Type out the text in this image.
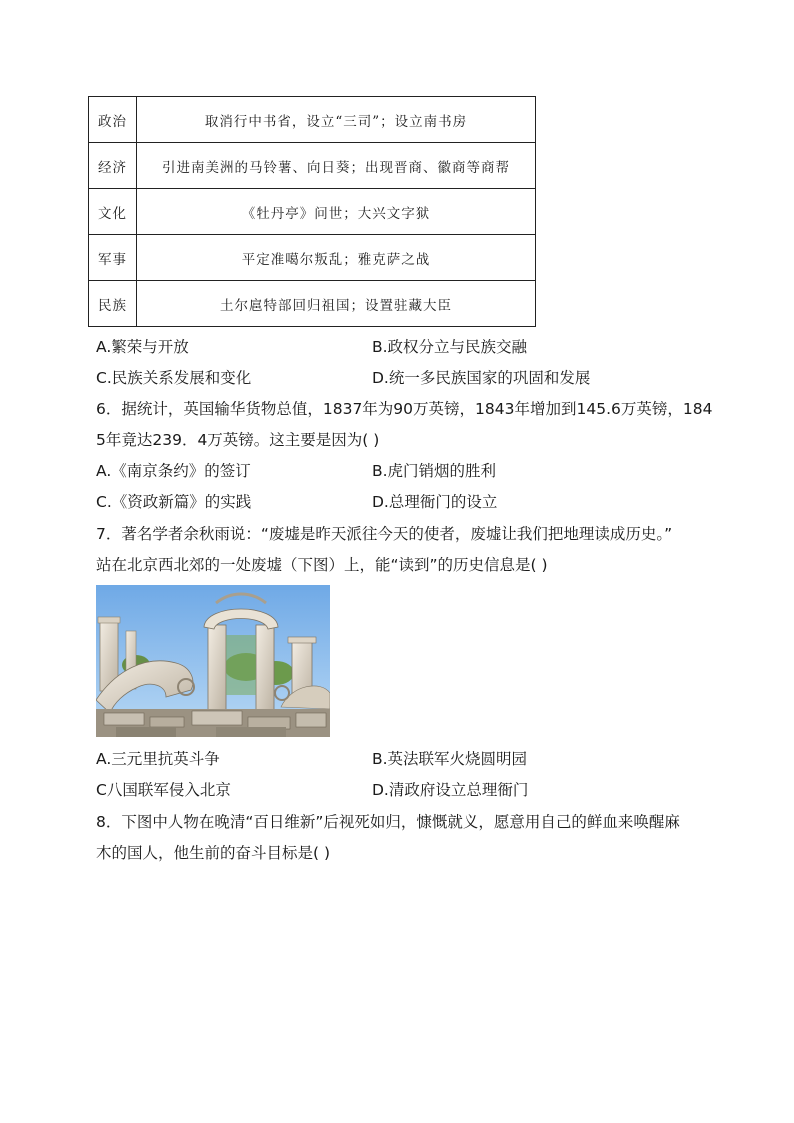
政治	取消行中书省，设立“三司”；设立南书房
经济	引进南美洲的马铃薯、向日葵；出现晋商、徽商等商帮
文化	《牡丹亭》问世；大兴文字狱
军事	平定准噶尔叛乱；雅克萨之战
民族	土尔扈特部回归祖国；设置驻藏大臣
A.繁荣与开放	B.政权分立与民族交融
C.民族关系发展和变化	D.统一多民族国家的巩固和发展
6．据统计，英国输华货物总值，1837年为90万英镑，1843年增加到145.6万英镑，184
5年竟达239．4万英镑。这主要是因为( )
A.《南京条约》的签订	B.虎门销烟的胜利
C.《资政新篇》的实践	D.总理衙门的设立
7．著名学者余秋雨说：“废墟是昨天派往今天的使者，废墟让我们把地理读成历史。”
站在北京西北郊的一处废墟（下图）上，能“读到”的历史信息是( )
A.三元里抗英斗争	B.英法联军火烧圆明园
C八国联军侵入北京	D.清政府设立总理衙门
8．下图中人物在晚清“百日维新”后视死如归，慷慨就义，愿意用自己的鲜血来唤醒麻
木的国人，他生前的奋斗目标是( )
